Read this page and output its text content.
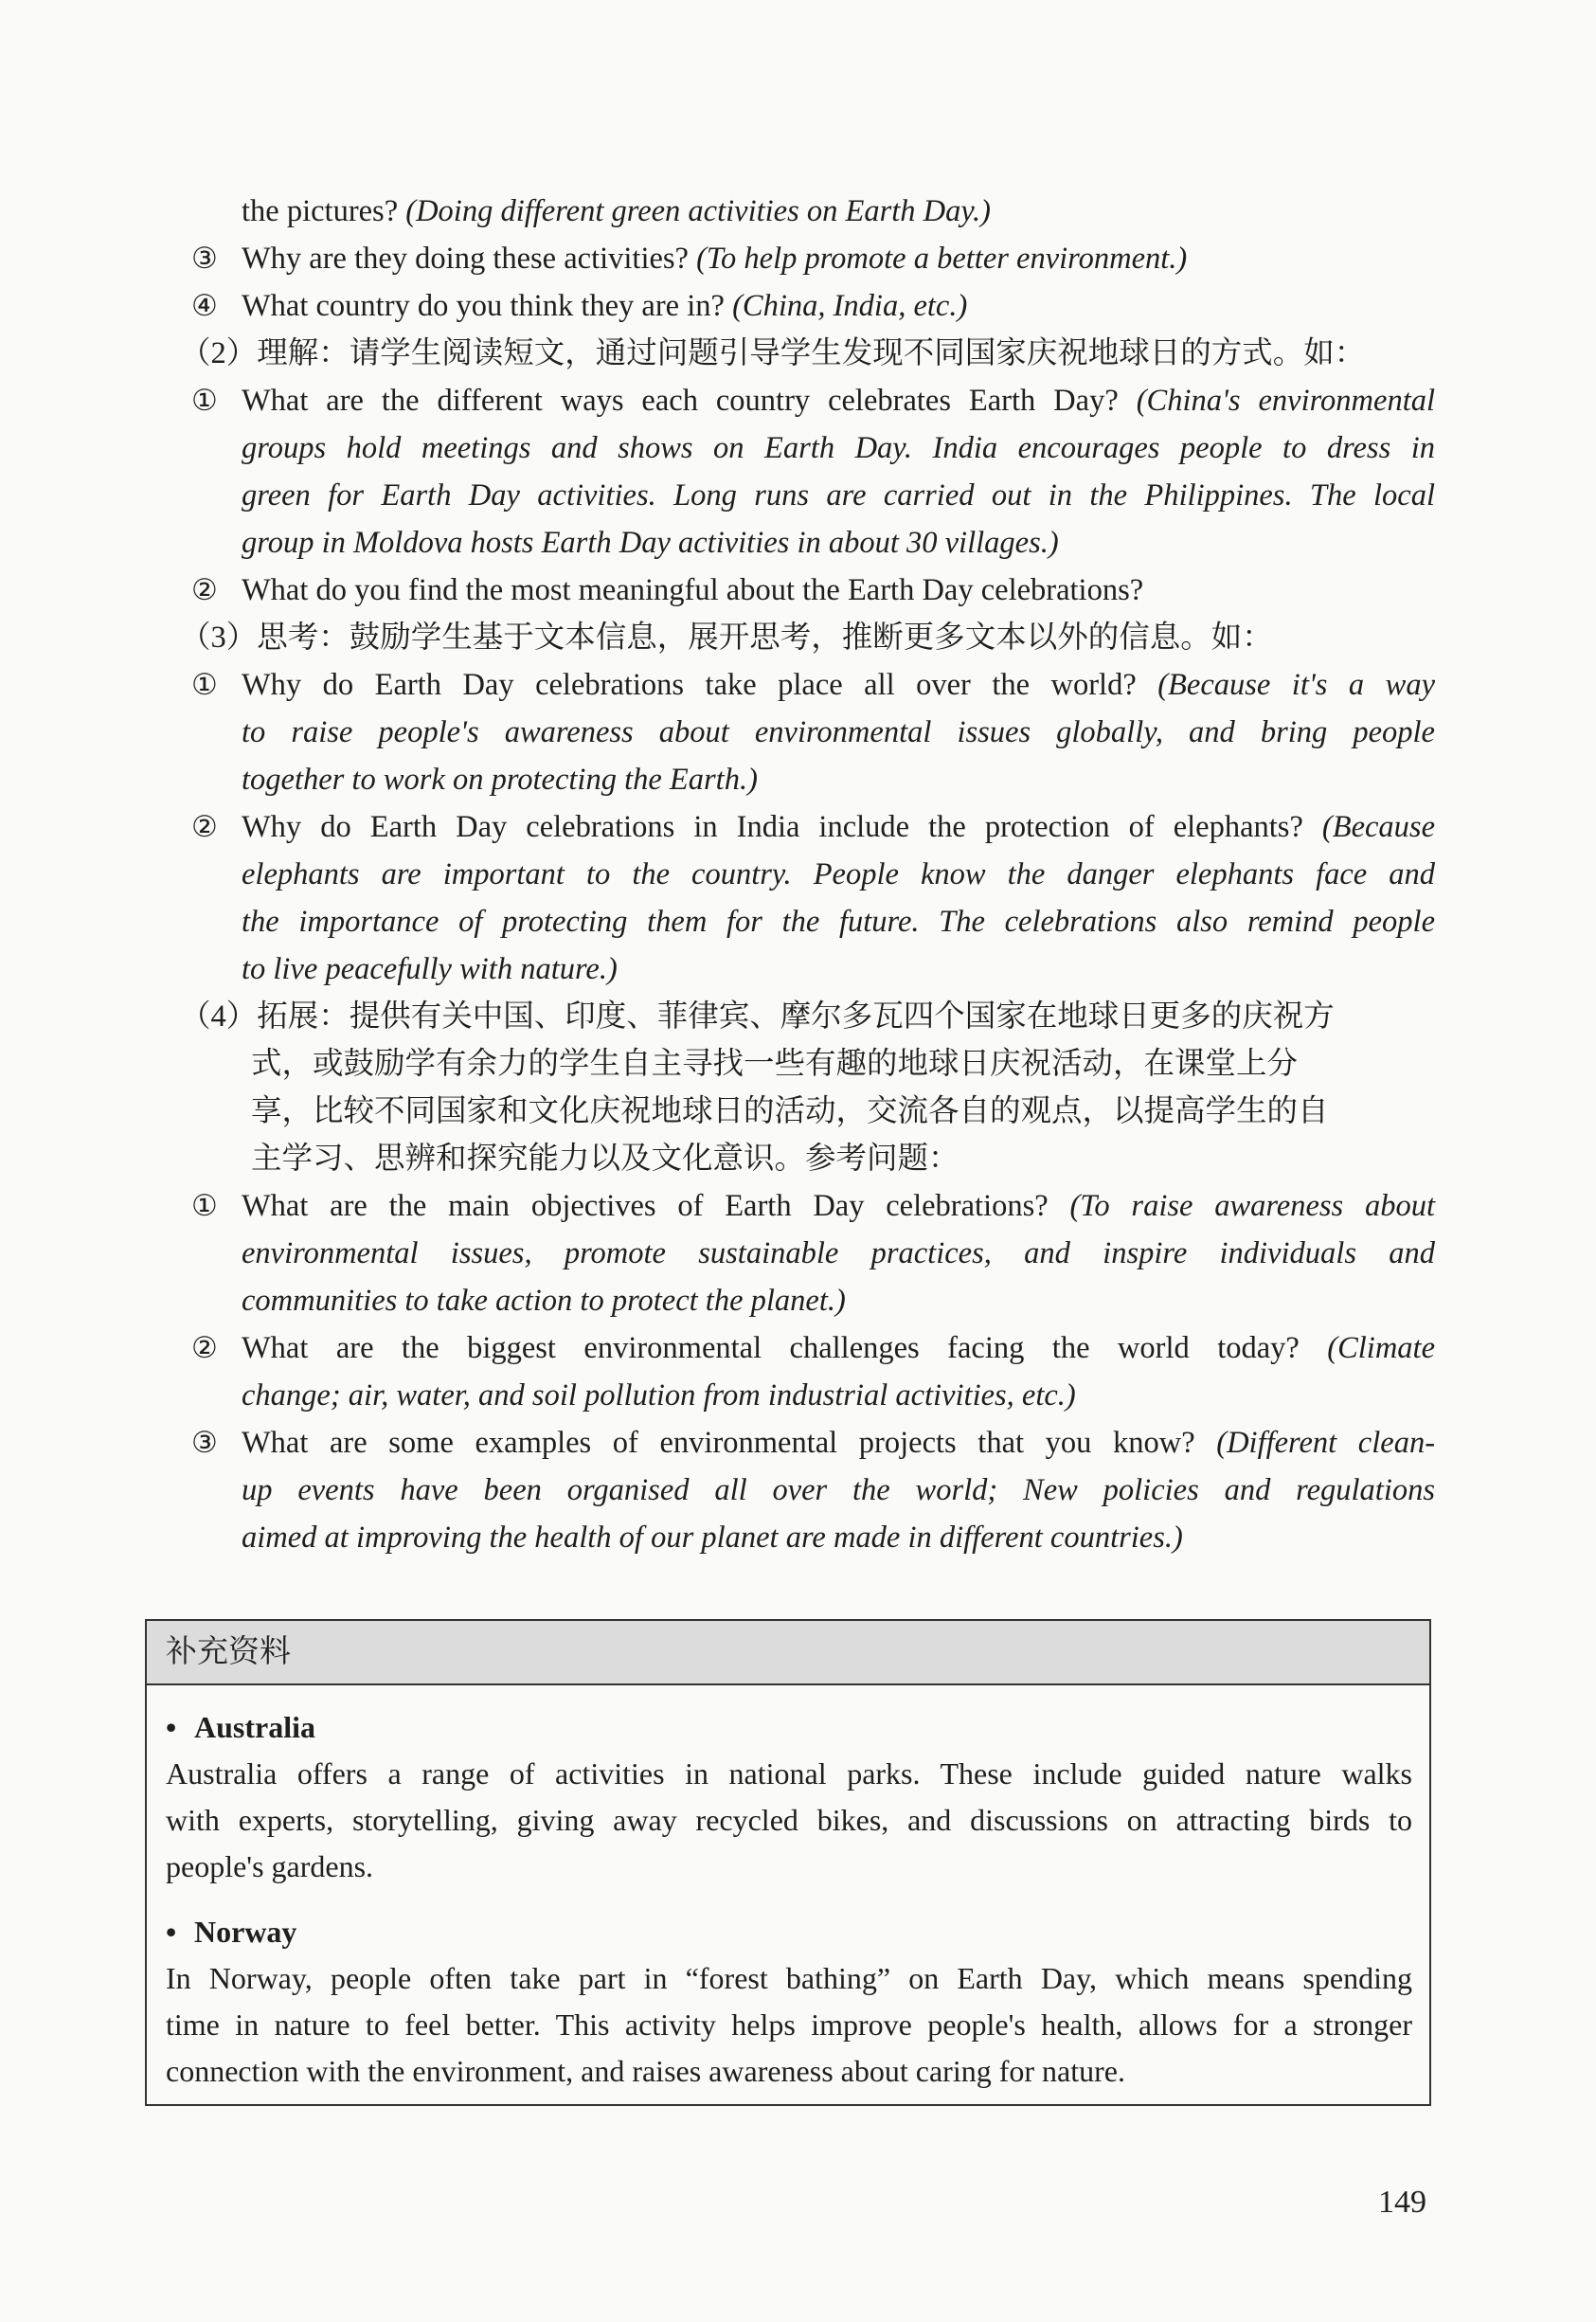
the pictures? (Doing different green activities on Earth Day.)
③ Why are they doing these activities? (To help promote a better environment.)
④ What country do you think they are in? (China, India, etc.)
（2）理解：请学生阅读短文，通过问题引导学生发现不同国家庆祝地球日的方式。如：
① What are the different ways each country celebrates Earth Day? (China's environmental
groups hold meetings and shows on Earth Day. India encourages people to dress in
green for Earth Day activities. Long runs are carried out in the Philippines. The local
group in Moldova hosts Earth Day activities in about 30 villages.)
② What do you find the most meaningful about the Earth Day celebrations?
（3）思考：鼓励学生基于文本信息，展开思考，推断更多文本以外的信息。如：
① Why do Earth Day celebrations take place all over the world? (Because it's a way
to raise people's awareness about environmental issues globally, and bring people
together to work on protecting the Earth.)
② Why do Earth Day celebrations in India include the protection of elephants? (Because
elephants are important to the country. People know the danger elephants face and
the importance of protecting them for the future. The celebrations also remind people
to live peacefully with nature.)
（4）拓展：提供有关中国、印度、菲律宾、摩尔多瓦四个国家在地球日更多的庆祝方
式，或鼓励学有余力的学生自主寻找一些有趣的地球日庆祝活动，在课堂上分
享，比较不同国家和文化庆祝地球日的活动，交流各自的观点，以提高学生的自
主学习、思辨和探究能力以及文化意识。参考问题：
① What are the main objectives of Earth Day celebrations? (To raise awareness about
environmental issues, promote sustainable practices, and inspire individuals and
communities to take action to protect the planet.)
② What are the biggest environmental challenges facing the world today? (Climate
change; air, water, and soil pollution from industrial activities, etc.)
③ What are some examples of environmental projects that you know? (Different clean-
up events have been organised all over the world; New policies and regulations
aimed at improving the health of our planet are made in different countries.)
补充资料
• Australia
Australia offers a range of activities in national parks. These include guided nature walks
with experts, storytelling, giving away recycled bikes, and discussions on attracting birds to
people's gardens.
• Norway
In Norway, people often take part in “forest bathing” on Earth Day, which means spending
time in nature to feel better. This activity helps improve people's health, allows for a stronger
connection with the environment, and raises awareness about caring for nature.
149
